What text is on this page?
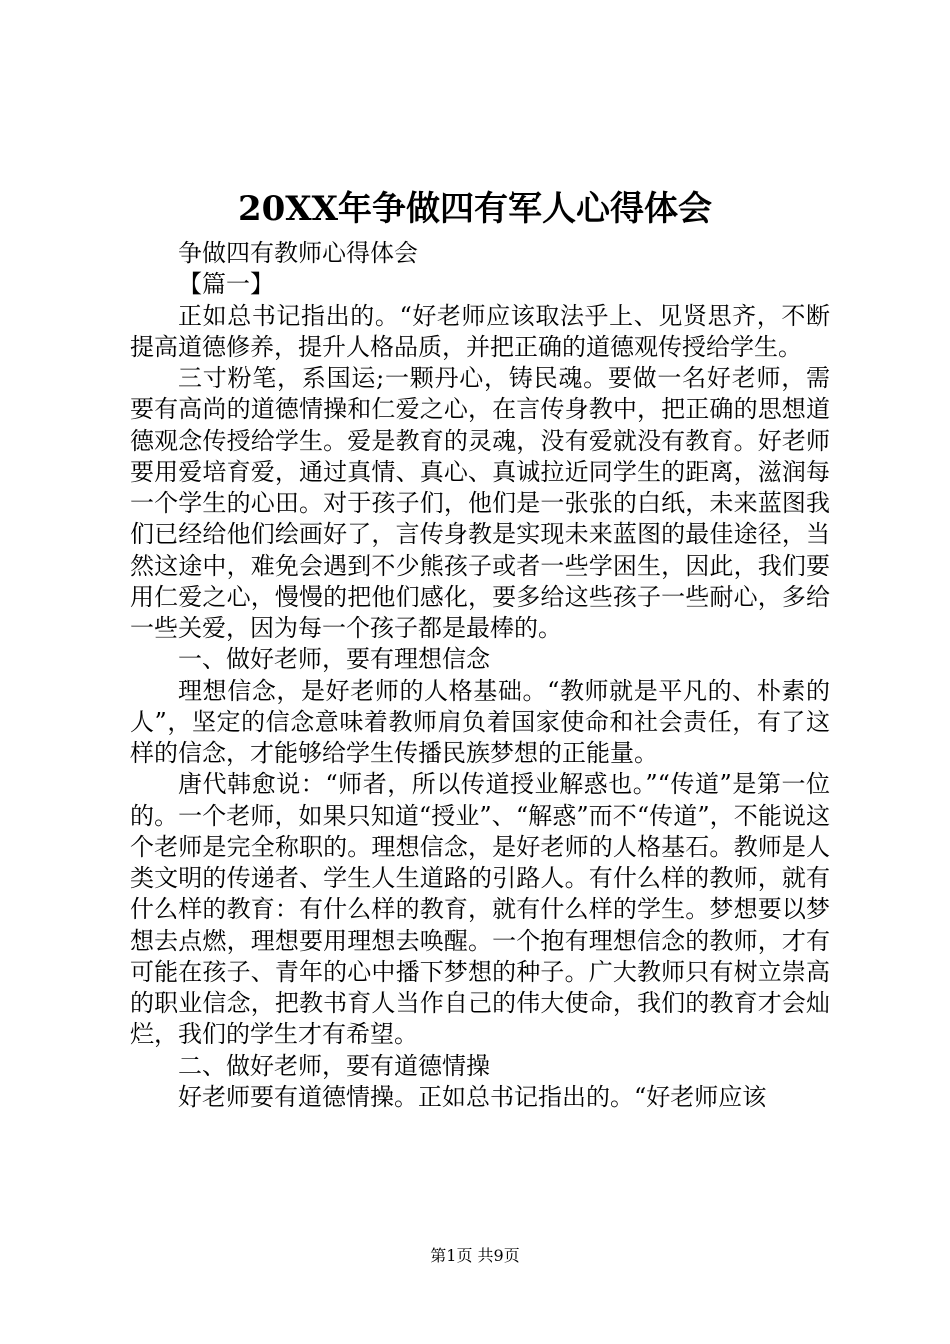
20XX年争做四有军人心得体会

争做四有教师心得体会

【篇一】

正如总书记指出的。“好老师应该取法乎上、见贤思齐，不断提高道德修养，提升人格品质，并把正确的道德观传授给学生。

三寸粉笔，系国运;一颗丹心，铸民魂。要做一名好老师，需要有高尚的道德情操和仁爱之心，在言传身教中，把正确的思想道德观念传授给学生。爱是教育的灵魂，没有爱就没有教育。好老师要用爱培育爱，通过真情、真心、真诚拉近同学生的距离，滋润每一个学生的心田。对于孩子们，他们是一张张的白纸，未来蓝图我们已经给他们绘画好了，言传身教是实现未来蓝图的最佳途径，当然这途中，难免会遇到不少熊孩子或者一些学困生，因此，我们要用仁爱之心，慢慢的把他们感化，要多给这些孩子一些耐心，多给一些关爱，因为每一个孩子都是最棒的。

一、做好老师，要有理想信念

理想信念，是好老师的人格基础。“教师就是平凡的、朴素的人”，坚定的信念意味着教师肩负着国家使命和社会责任，有了这样的信念，才能够给学生传播民族梦想的正能量。

唐代韩愈说：“师者，所以传道授业解惑也。”“传道”是第一位的。一个老师，如果只知道“授业”、“解惑”而不“传道”，不能说这个老师是完全称职的。理想信念，是好老师的人格基石。教师是人类文明的传递者、学生人生道路的引路人。有什么样的教师，就有什么样的教育：有什么样的教育，就有什么样的学生。梦想要以梦想去点燃，理想要用理想去唤醒。一个抱有理想信念的教师，才有可能在孩子、青年的心中播下梦想的种子。广大教师只有树立崇高的职业信念，把教书育人当作自己的伟大使命，我们的教育才会灿烂，我们的学生才有希望。

二、做好老师，要有道德情操

好老师要有道德情操。正如总书记指出的。“好老师应该

第1页 共9页
